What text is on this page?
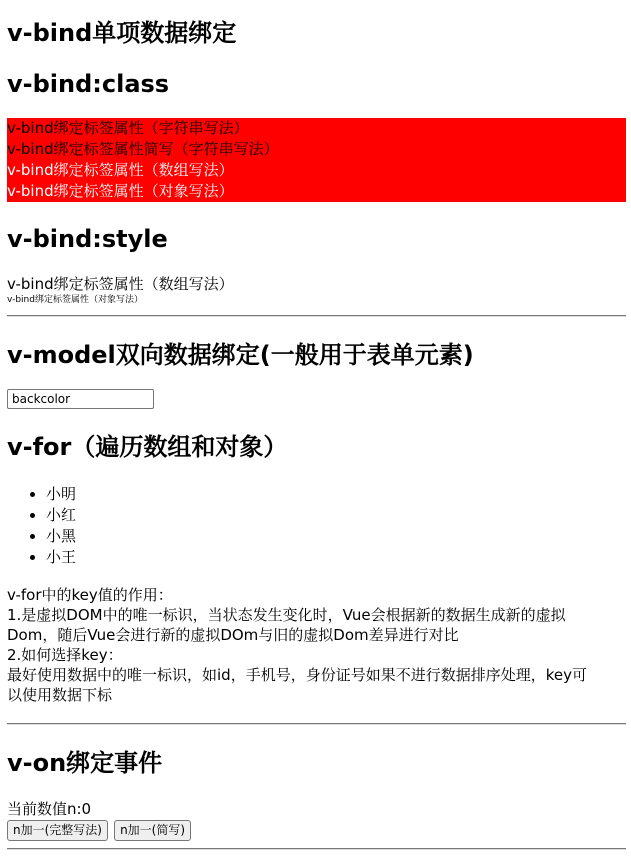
v-bind单项数据绑定
v-bind:class
v-bind绑定标签属性（字符串写法）
v-bind绑定标签属性简写（字符串写法）
v-bind绑定标签属性（数组写法）
v-bind绑定标签属性（对象写法）
v-bind:style
v-bind绑定标签属性（数组写法）
v-bind绑定标签属性（对象写法）
v-model双向数据绑定(一般用于表单元素)
backcolor
v-for（遍历数组和对象）
• 小明
• 小红
• 小黑
• 小王
v-for中的key值的作用：
1.是虚拟DOM中的唯一标识，当状态发生变化时，Vue会根据新的数据生成新的虚拟
Dom，随后Vue会进行新的虚拟DOm与旧的虚拟Dom差异进行对比
2.如何选择key：
最好使用数据中的唯一标识，如id，手机号，身份证号如果不进行数据排序处理，key可
以使用数据下标
v-on绑定事件
当前数值n:0
n加一(完整写法) n加一(简写)
